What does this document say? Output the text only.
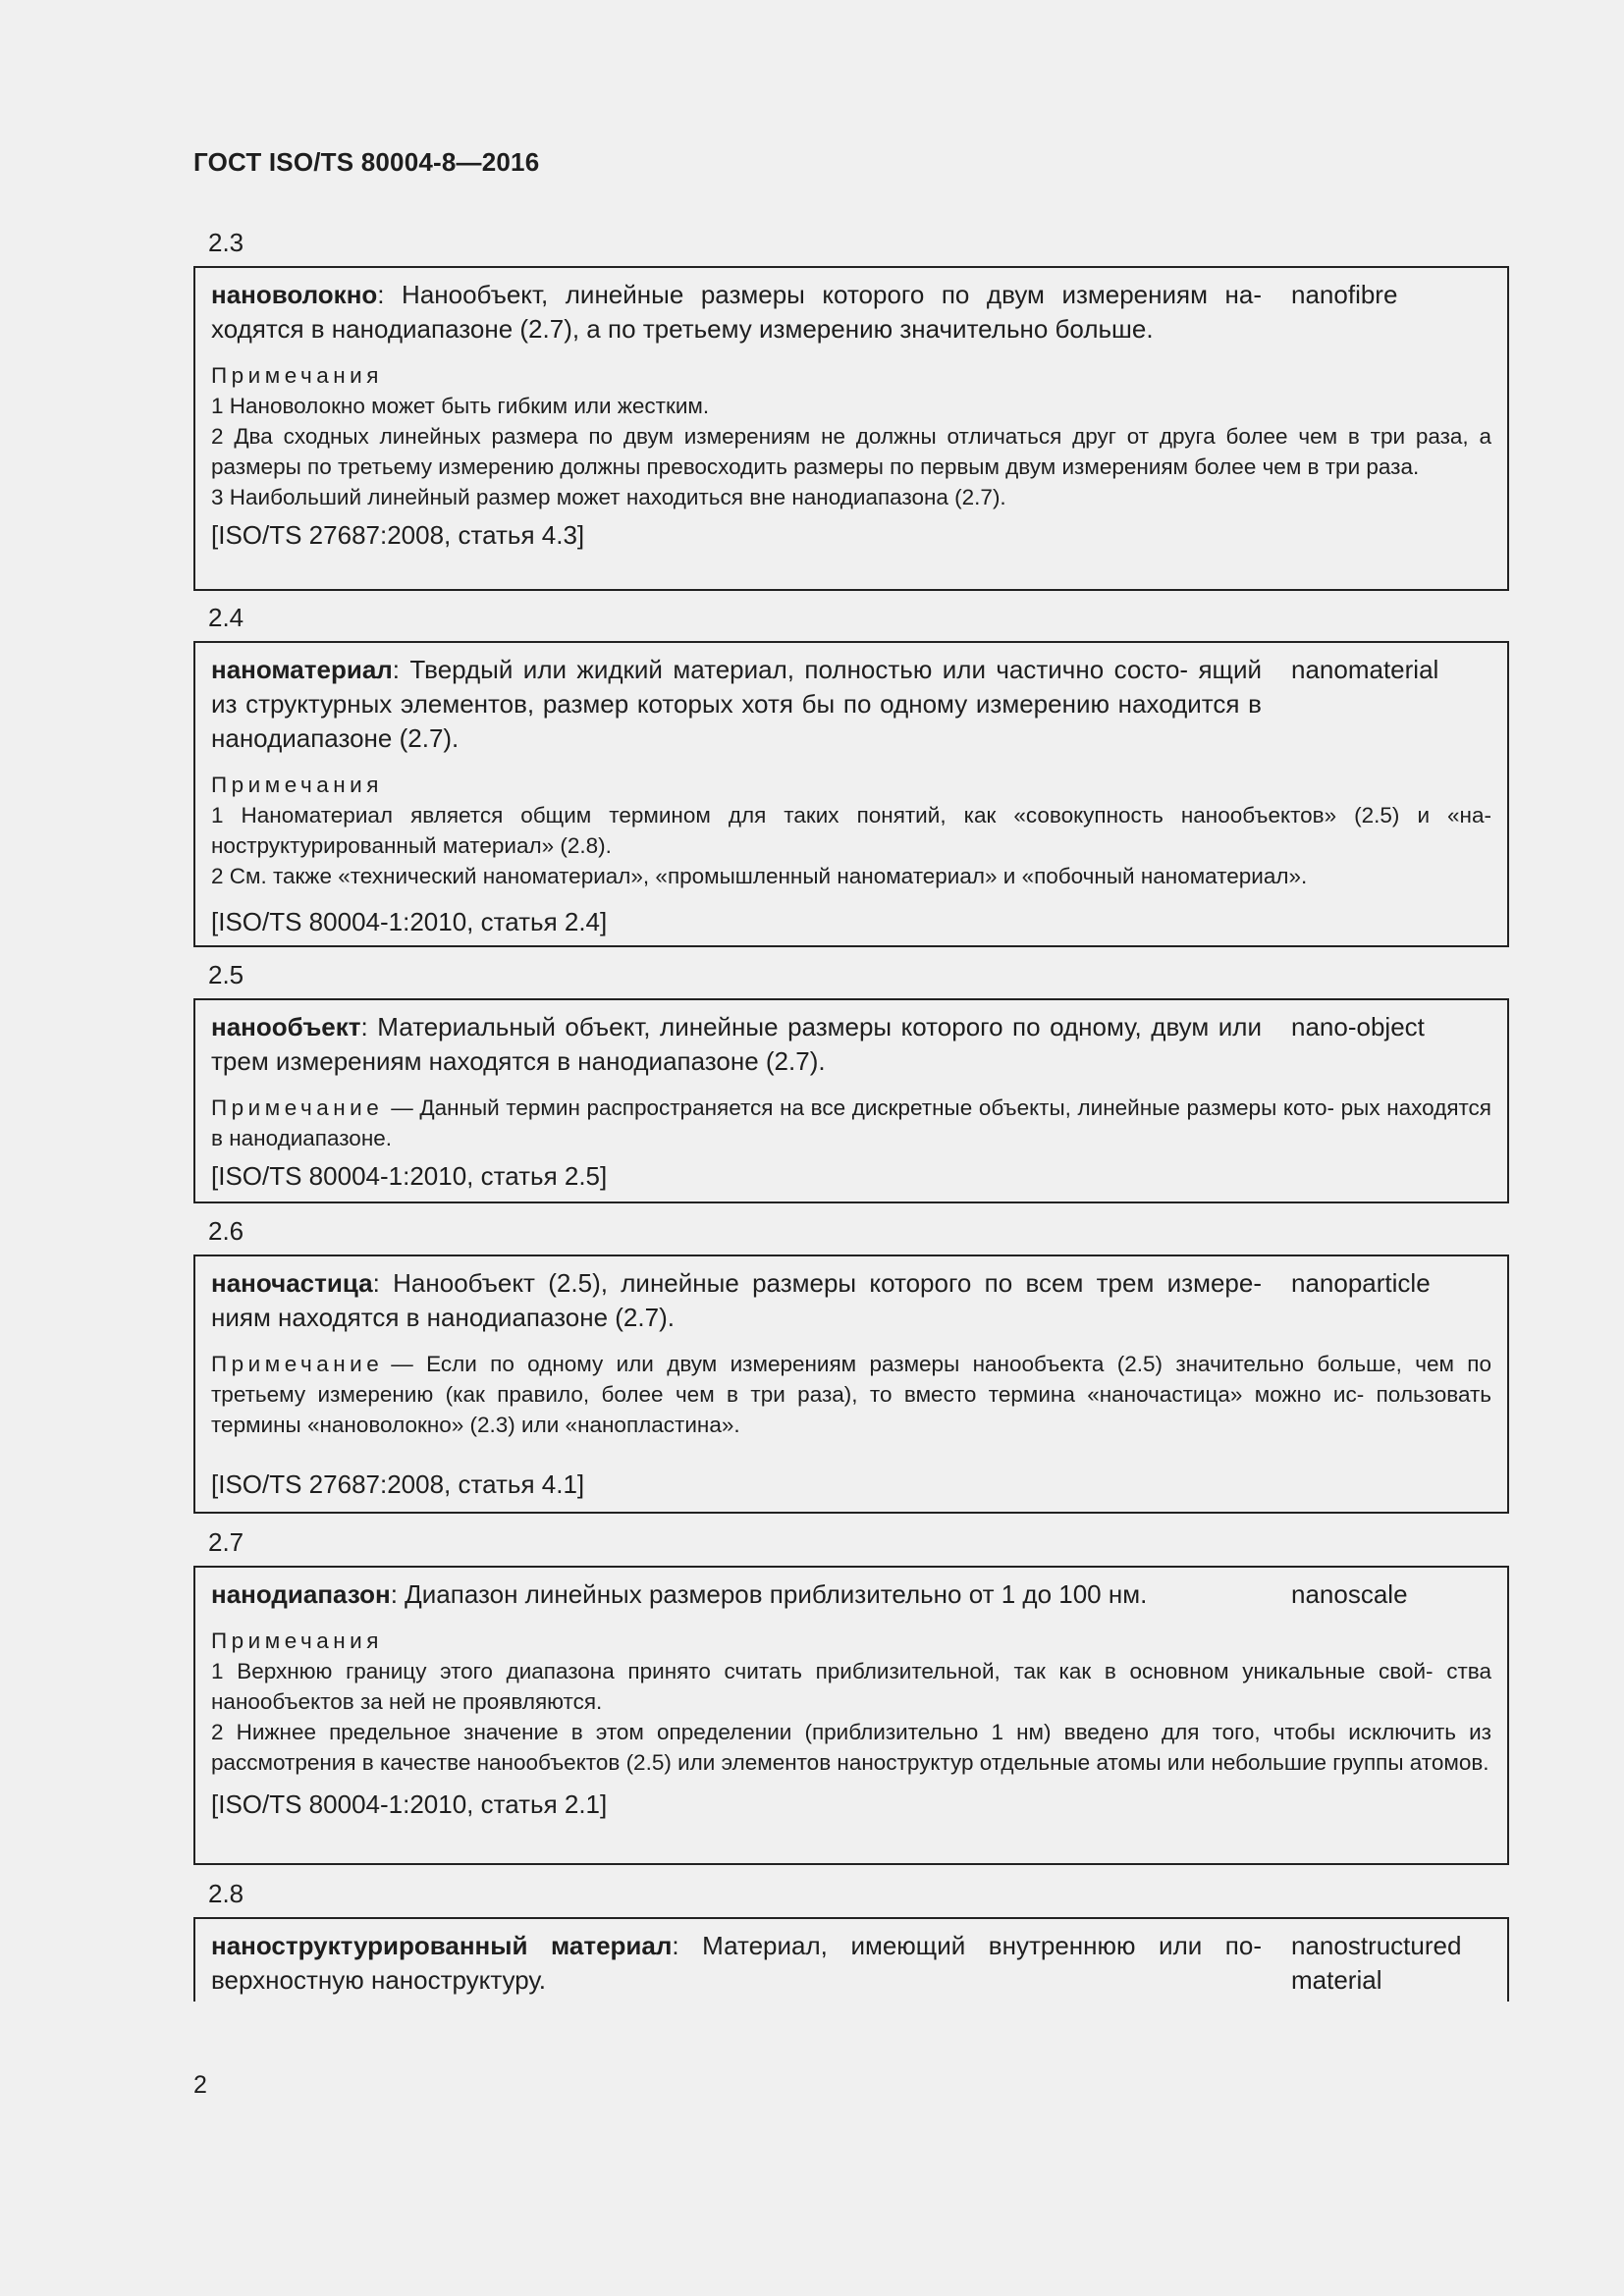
ГОСТ ISO/TS 80004-8—2016
2.3
нановолокно: Нанообъект, линейные размеры которого по двум измерениям на- ходятся в нанодиапазоне (2.7), а по третьему измерению значительно больше.
nanofibre
Примечания
1 Нановолокно может быть гибким или жестким.
2 Два сходных линейных размера по двум измерениям не должны отличаться друг от друга более чем в три раза, а размеры по третьему измерению должны превосходить размеры по первым двум измерениям более чем в три раза.
3 Наибольший линейный размер может находиться вне нанодиапазона (2.7).
[ISO/TS 27687:2008, статья 4.3]
2.4
наноматериал: Твердый или жидкий материал, полностью или частично состо- ящий из структурных элементов, размер которых хотя бы по одному измерению находится в нанодиапазоне (2.7).
nanomaterial
Примечания
1 Наноматериал является общим термином для таких понятий, как «совокупность нанообъектов» (2.5) и «на- ноструктурированный материал» (2.8).
2 См. также «технический наноматериал», «промышленный наноматериал» и «побочный наноматериал».
[ISO/TS 80004-1:2010, статья 2.4]
2.5
нанообъект: Материальный объект, линейные размеры которого по одному, двум или трем измерениям находятся в нанодиапазоне (2.7).
nano-object
Примечание — Данный термин распространяется на все дискретные объекты, линейные размеры кото- рых находятся в нанодиапазоне.
[ISO/TS 80004-1:2010, статья 2.5]
2.6
наночастица: Нанообъект (2.5), линейные размеры которого по всем трем измере- ниям находятся в нанодиапазоне (2.7).
nanoparticle
Примечание — Если по одному или двум измерениям размеры нанообъекта (2.5) значительно больше, чем по третьему измерению (как правило, более чем в три раза), то вместо термина «наночастица» можно ис- пользовать термины «нановолокно» (2.3) или «нанопластина».
[ISO/TS 27687:2008, статья 4.1]
2.7
нанодиапазон: Диапазон линейных размеров приблизительно от 1 до 100 нм.	nanoscale
Примечания
1 Верхнюю границу этого диапазона принято считать приблизительной, так как в основном уникальные свой- ства нанообъектов за ней не проявляются.
2 Нижнее предельное значение в этом определении (приблизительно 1 нм) введено для того, чтобы исключить из рассмотрения в качестве нанообъектов (2.5) или элементов наноструктур отдельные атомы или небольшие группы атомов.
[ISO/TS 80004-1:2010, статья 2.1]
2.8
наноструктурированный материал: Материал, имеющий внутреннюю или по- верхностную наноструктуру.
nanostructured material
2
